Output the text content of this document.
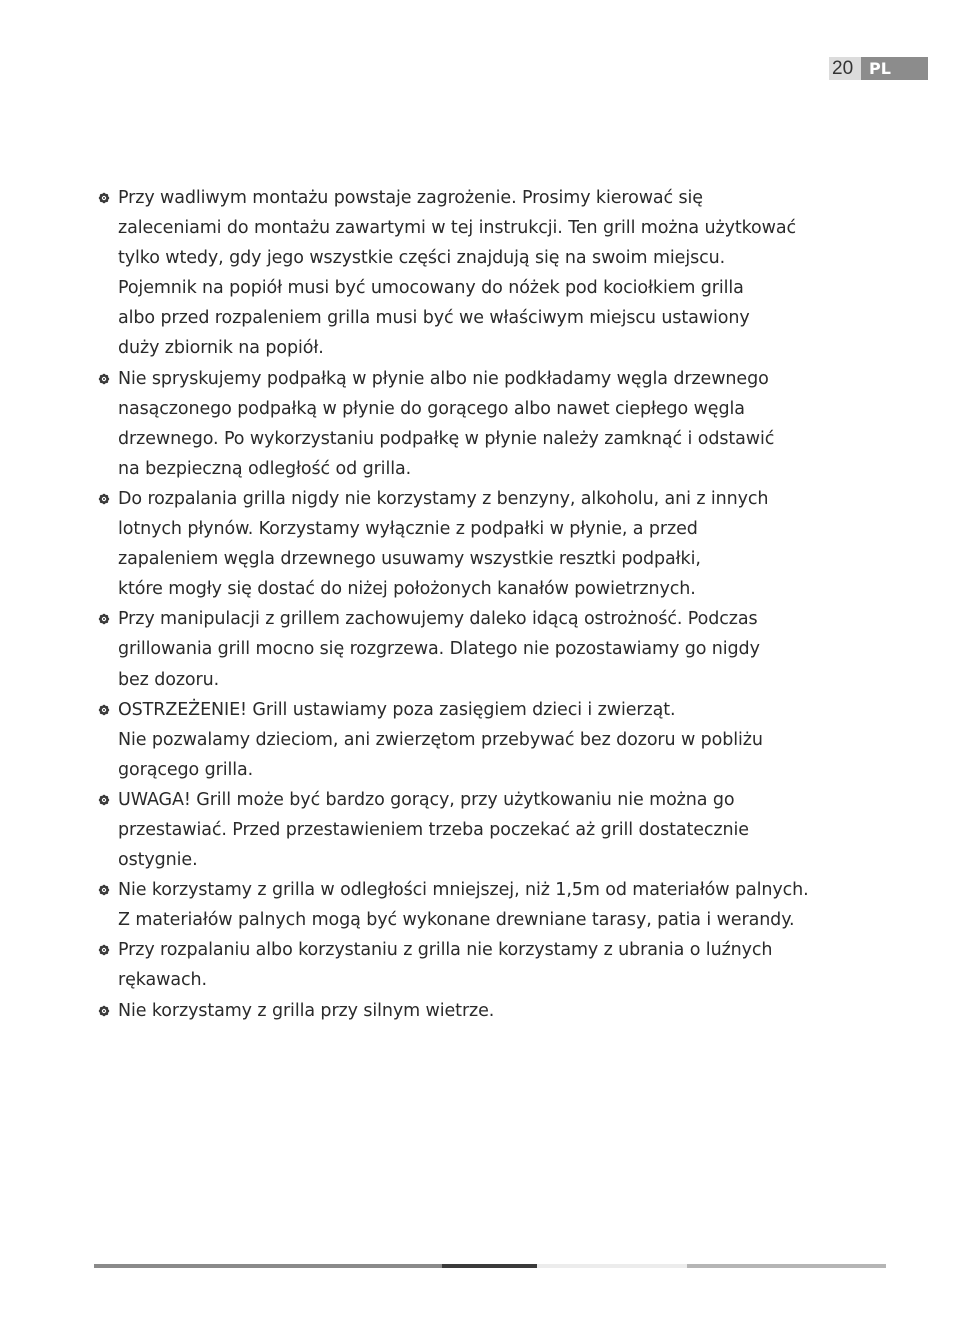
20 PL
Przy wadliwym montażu powstaje zagrożenie. Prosimy kierować się
zaleceniami do montażu zawartymi w tej instrukcji. Ten grill można użytkować
tylko wtedy, gdy jego wszystkie części znajdują się na swoim miejscu.
Pojemnik na popiół musi być umocowany do nóżek pod kociołkiem grilla
albo przed rozpaleniem grilla musi być we właściwym miejscu ustawiony
duży zbiornik na popiół.
Nie spryskujemy podpałką w płynie albo nie podkładamy węgla drzewnego
nasączonego podpałką w płynie do gorącego albo nawet ciepłego węgla
drzewnego. Po wykorzystaniu podpałkę w płynie należy zamknąć i odstawić
na bezpieczną odległość od grilla.
Do rozpalania grilla nigdy nie korzystamy z benzyny, alkoholu, ani z innych
lotnych płynów. Korzystamy wyłącznie z podpałki w płynie, a przed
zapaleniem węgla drzewnego usuwamy wszystkie resztki podpałki,
które mogły się dostać do niżej położonych kanałów powietrznych.
Przy manipulacji z grillem zachowujemy daleko idącą ostrożność. Podczas
grillowania grill mocno się rozgrzewa. Dlatego nie pozostawiamy go nigdy
bez dozoru.
OSTRZEŻENIE! Grill ustawiamy poza zasięgiem dzieci i zwierząt.
Nie pozwalamy dzieciom, ani zwierzętom przebywać bez dozoru w pobliżu
gorącego grilla.
UWAGA! Grill może być bardzo gorący, przy użytkowaniu nie można go
przestawiać. Przed przestawieniem trzeba poczekać aż grill dostatecznie
ostygnie.
Nie korzystamy z grilla w odległości mniejszej, niż 1,5m od materiałów palnych.
Z materiałów palnych mogą być wykonane drewniane tarasy, patia i werandy.
Przy rozpalaniu albo korzystaniu z grilla nie korzystamy z ubrania o luźnych
rękawach.
Nie korzystamy z grilla przy silnym wietrze.
